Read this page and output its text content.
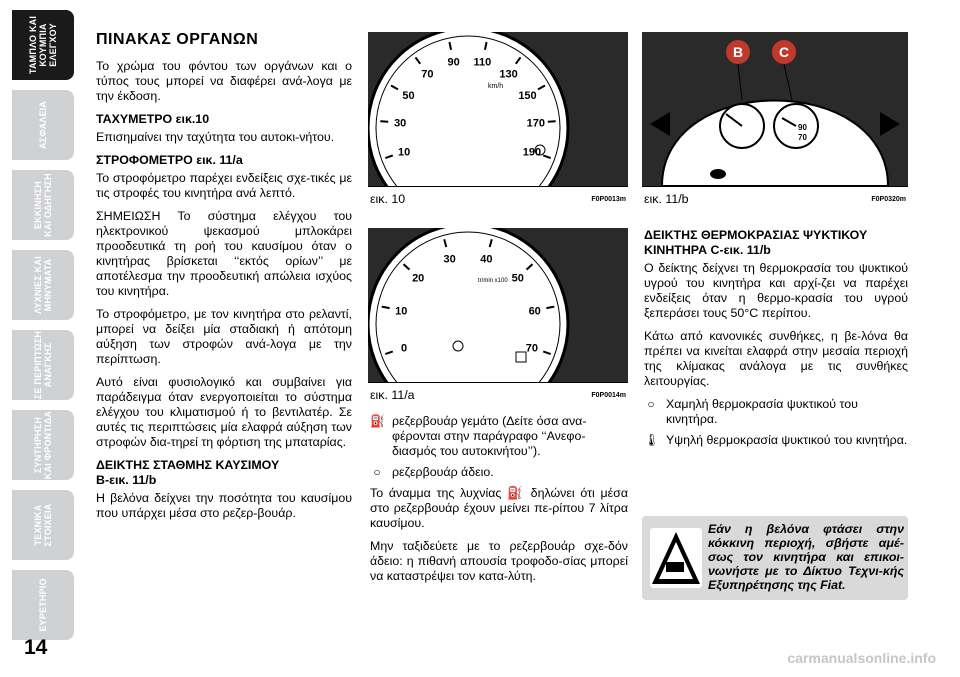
ΤΑΜΠΛΟ ΚΑΙ
ΚΟΥΜΠΙΑ
ΕΛΕΓΧΟΥ
ΑΣΦΑΛΕΙΑ
ΕΚΚΙΝΗΣΗ
ΚΑΙ ΟΔΗΓΗΣΗ
ΛΥΧΝΙΕΣ ΚΑΙ
ΜΗΝΥΜΑΤΑ
ΣΕ ΠΕΡΙΠΤΩΣΗ
ΑΝΑΓΚΗΣ
ΣΥΝΤΗΡΗΣΗ
ΚΑΙ ΦΡΟΝΤΙΔΑ
ΤΕΧΝΙΚΑ
ΣΤΟΙΧΕΙΑ
ΕΥΡΕΤΗΡΙΟ
14
ΠΙΝΑΚΑΣ ΟΡΓΑΝΩΝ

Το χρώμα του φόντου των οργάνων και ο τύπος τους μπορεί να διαφέρει ανά-λογα με την έκδοση.

ΤΑΧΥΜΕΤΡΟ εικ.10

Επισημαίνει την ταχύτητα του αυτοκι-νήτου.

ΣΤΡΟΦΟΜΕΤΡΟ εικ. 11/a

Το στροφόμετρο παρέχει ενδείξεις σχε-τικές με τις στροφές του κινητήρα ανά λεπτό.

ΣΗΜΕΙΩΣΗ Το σύστημα ελέγχου του ηλεκτρονικού ψεκασμού μπλοκάρει προοδευτικά τη ροή του καυσίμου όταν ο κινητήρας βρίσκεται ‘‘εκτός ορίων’’ με αποτέλεσμα την προοδευτική απώλεια ισχύος του κινητήρα.

Το στροφόμετρο, με τον κινητήρα στο ρελαντί, μπορεί να δείξει μία σταδιακή ή απότομη αύξηση των στροφών ανά-λογα με την περίπτωση.

Αυτό είναι φυσιολογικό και συμβαίνει για παράδειγμα όταν ενεργοποιείται το σύστημα ελέγχου του κλιματισμού ή το βεντιλατέρ. Σε αυτές τις περιπτώσεις μία ελαφρά αύξηση των στροφών δια-τηρεί τη φόρτιση της μπαταρίας.

ΔΕΙΚΤΗΣ ΣΤΑΘΜΗΣ ΚΑΥΣΙΜΟΥ
B-εικ. 11/b

Η βελόνα δείχνει την ποσότητα του καυσίμου που υπάρχει μέσα στο ρεζερ-βουάρ.

10
30
50
70
90 110
130
150
170
190
km/h
εικ. 10	F0P0013m
0
10
20
30 40
50
60
70
tr/min x100
εικ. 11/a	F0P0014m
⛽ ρεζερβουάρ γεμάτο (Δείτε όσα ανα-φέρονται στην παράγραφο ‘‘Ανεφο-διασμός του αυτοκινήτου’’).
○ ρεζερβουάρ άδειο.

Το άναμμα της λυχνίας ⛽ δηλώνει ότι μέσα στο ρεζερβουάρ έχουν μείνει πε-ρίπου 7 λίτρα καυσίμου.

Μην ταξιδεύετε με το ρεζερβουάρ σχε-δόν άδειο: η πιθανή απουσία τροφοδο-σίας μπορεί να καταστρέψει τον κατα-λύτη.

B	C
90
70
εικ. 11/b	F0P0320m
ΔΕΙΚΤΗΣ ΘΕΡΜΟΚΡΑΣΙΑΣ ΨΥΚΤΙΚΟΥ ΚΙΝΗΤΗΡΑ C-εικ. 11/b

Ο δείκτης δείχνει τη θερμοκρασία του ψυκτικού υγρού του κινητήρα και αρχί-ζει να παρέχει ενδείξεις όταν η θερμο-κρασία του υγρού ξεπεράσει τους 50°C περίπου.

Κάτω από κανονικές συνθήκες, η βε-λόνα θα πρέπει να κινείται ελαφρά στην μεσαία περιοχή της κλίμακας ανάλογα με τις συνθήκες λειτουργίας.

○ Χαμηλή θερμοκρασία ψυκτικού του κινητήρα.
🌡 Υψηλή θερμοκρασία ψυκτικού του κινητήρα.
Εάν η βελόνα φτάσει στην κόκκινη περιοχή, σβήστε αμέ-σως τον κινητήρα και επικοι-νωνήστε με το Δίκτυο Τεχνι-κής Εξυπηρέτησης της Fiat.
carmanualsonline.info
